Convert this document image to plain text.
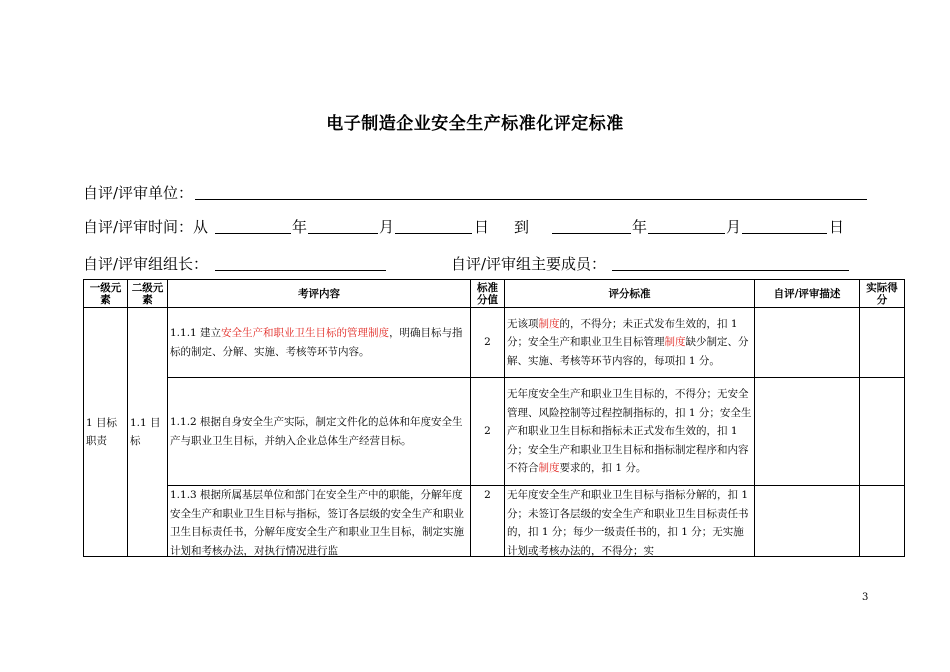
电子制造企业安全生产标准化评定标准
自评/评审单位：
自评/评审时间：从	年	月	日 到	年	月	日
自评/评审组组长：	自评/评审组主要成员：
一级元素	二级元素	考评内容	标准分值	评分标准	自评/评审描述	实际得分
1 目标职责	1.1 目标	1.1.1 建立安全生产和职业卫生目标的管理制度，明确目标与指标的制定、分解、实施、考核等环节内容。	2	无该项制度的，不得分；未正式发布生效的，扣 1 分；安全生产和职业卫生目标管理制度缺少制定、分解、实施、考核等环节内容的，每项扣 1 分。		
		1.1.2 根据自身安全生产实际，制定文件化的总体和年度安全生产与职业卫生目标，并纳入企业总体生产经营目标。	2	无年度安全生产和职业卫生目标的，不得分；无安全管理、风险控制等过程控制指标的，扣 1 分；安全生产和职业卫生目标和指标未正式发布生效的，扣 1 分；安全生产和职业卫生目标和指标制定程序和内容不符合制度要求的，扣 1 分。		

		1.1.3 根据所属基层单位和部门在安全生产中的职能，分解年度安全生产和职业卫生目标与指标，签订各层级的安全生产和职业卫生目标责任书，分解年度安全生产和职业卫生目标，制定实施计划和考核办法，对执行情况进行监	2	无年度安全生产和职业卫生目标与指标分解的，扣 1 分；未签订各层级的安全生产和职业卫生目标责任书的，扣 1 分；每少一级责任书的，扣 1 分；无实施计划或考核办法的，不得分；实		

3
